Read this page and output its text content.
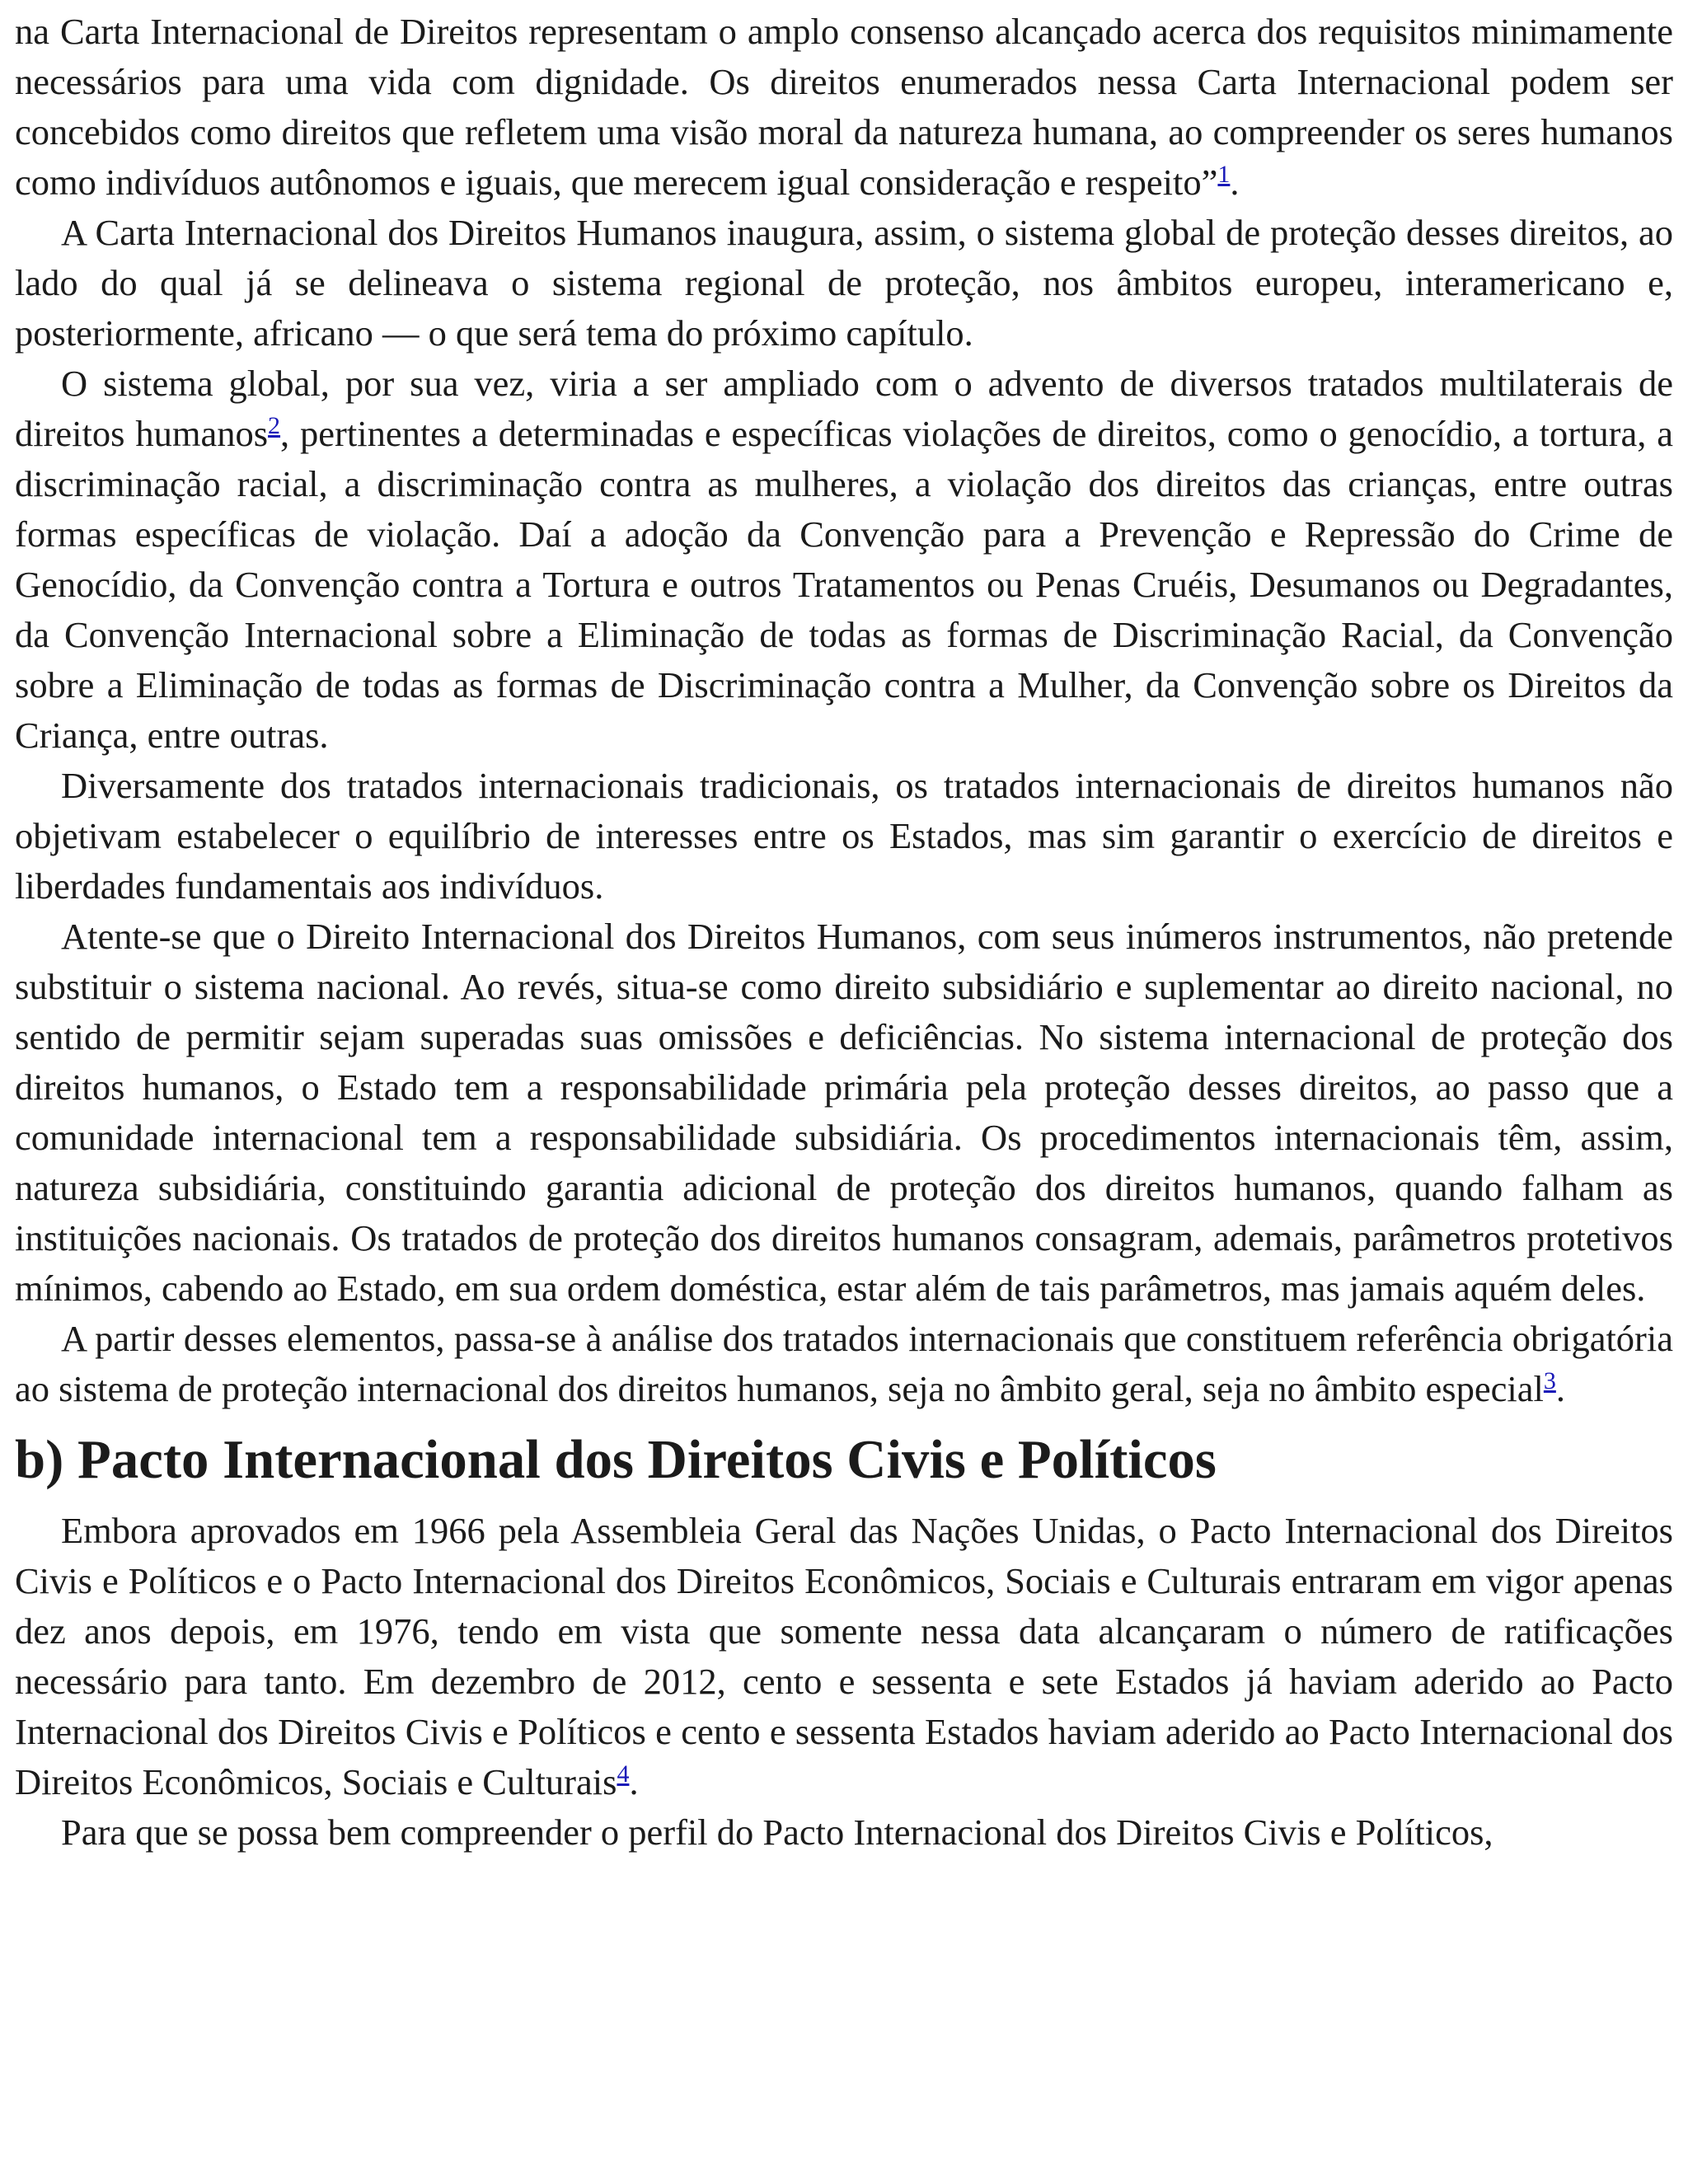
na Carta Internacional de Direitos representam o amplo consenso alcançado acerca dos requisitos minimamente necessários para uma vida com dignidade. Os direitos enumerados nessa Carta Internacional podem ser concebidos como direitos que refletem uma visão moral da natureza humana, ao compreender os seres humanos como indivíduos autônomos e iguais, que merecem igual consideração e respeito”$^1$.

A Carta Internacional dos Direitos Humanos inaugura, assim, o sistema global de proteção desses direitos, ao lado do qual já se delineava o sistema regional de proteção, nos âmbitos europeu, interamericano e, posteriormente, africano — o que será tema do próximo capítulo.

O sistema global, por sua vez, viria a ser ampliado com o advento de diversos tratados multilaterais de direitos humanos$^2$, pertinentes a determinadas e específicas violações de direitos, como o genocídio, a tortura, a discriminação racial, a discriminação contra as mulheres, a violação dos direitos das crianças, entre outras formas específicas de violação. Daí a adoção da Convenção para a Prevenção e Repressão do Crime de Genocídio, da Convenção contra a Tortura e outros Tratamentos ou Penas Cruéis, Desumanos ou Degradantes, da Convenção Internacional sobre a Eliminação de todas as formas de Discriminação Racial, da Convenção sobre a Eliminação de todas as formas de Discriminação contra a Mulher, da Convenção sobre os Direitos da Criança, entre outras.

Diversamente dos tratados internacionais tradicionais, os tratados internacionais de direitos humanos não objetivam estabelecer o equilíbrio de interesses entre os Estados, mas sim garantir o exercício de direitos e liberdades fundamentais aos indivíduos.

Atente-se que o Direito Internacional dos Direitos Humanos, com seus inúmeros instrumentos, não pretende substituir o sistema nacional. Ao revés, situa-se como direito subsidiário e suplementar ao direito nacional, no sentido de permitir sejam superadas suas omissões e deficiências. No sistema internacional de proteção dos direitos humanos, o Estado tem a responsabilidade primária pela proteção desses direitos, ao passo que a comunidade internacional tem a responsabilidade subsidiária. Os procedimentos internacionais têm, assim, natureza subsidiária, constituindo garantia adicional de proteção dos direitos humanos, quando falham as instituições nacionais. Os tratados de proteção dos direitos humanos consagram, ademais, parâmetros protetivos mínimos, cabendo ao Estado, em sua ordem doméstica, estar além de tais parâmetros, mas jamais aquém deles.

A partir desses elementos, passa-se à análise dos tratados internacionais que constituem referência obrigatória ao sistema de proteção internacional dos direitos humanos, seja no âmbito geral, seja no âmbito especial$^3$.

b) Pacto Internacional dos Direitos Civis e Políticos

Embora aprovados em 1966 pela Assembleia Geral das Nações Unidas, o Pacto Internacional dos Direitos Civis e Políticos e o Pacto Internacional dos Direitos Econômicos, Sociais e Culturais entraram em vigor apenas dez anos depois, em 1976, tendo em vista que somente nessa data alcançaram o número de ratificações necessário para tanto. Em dezembro de 2012, cento e sessenta e sete Estados já haviam aderido ao Pacto Internacional dos Direitos Civis e Políticos e cento e sessenta Estados haviam aderido ao Pacto Internacional dos Direitos Econômicos, Sociais e Culturais$^4$.

Para que se possa bem compreender o perfil do Pacto Internacional dos Direitos Civis e Políticos,
